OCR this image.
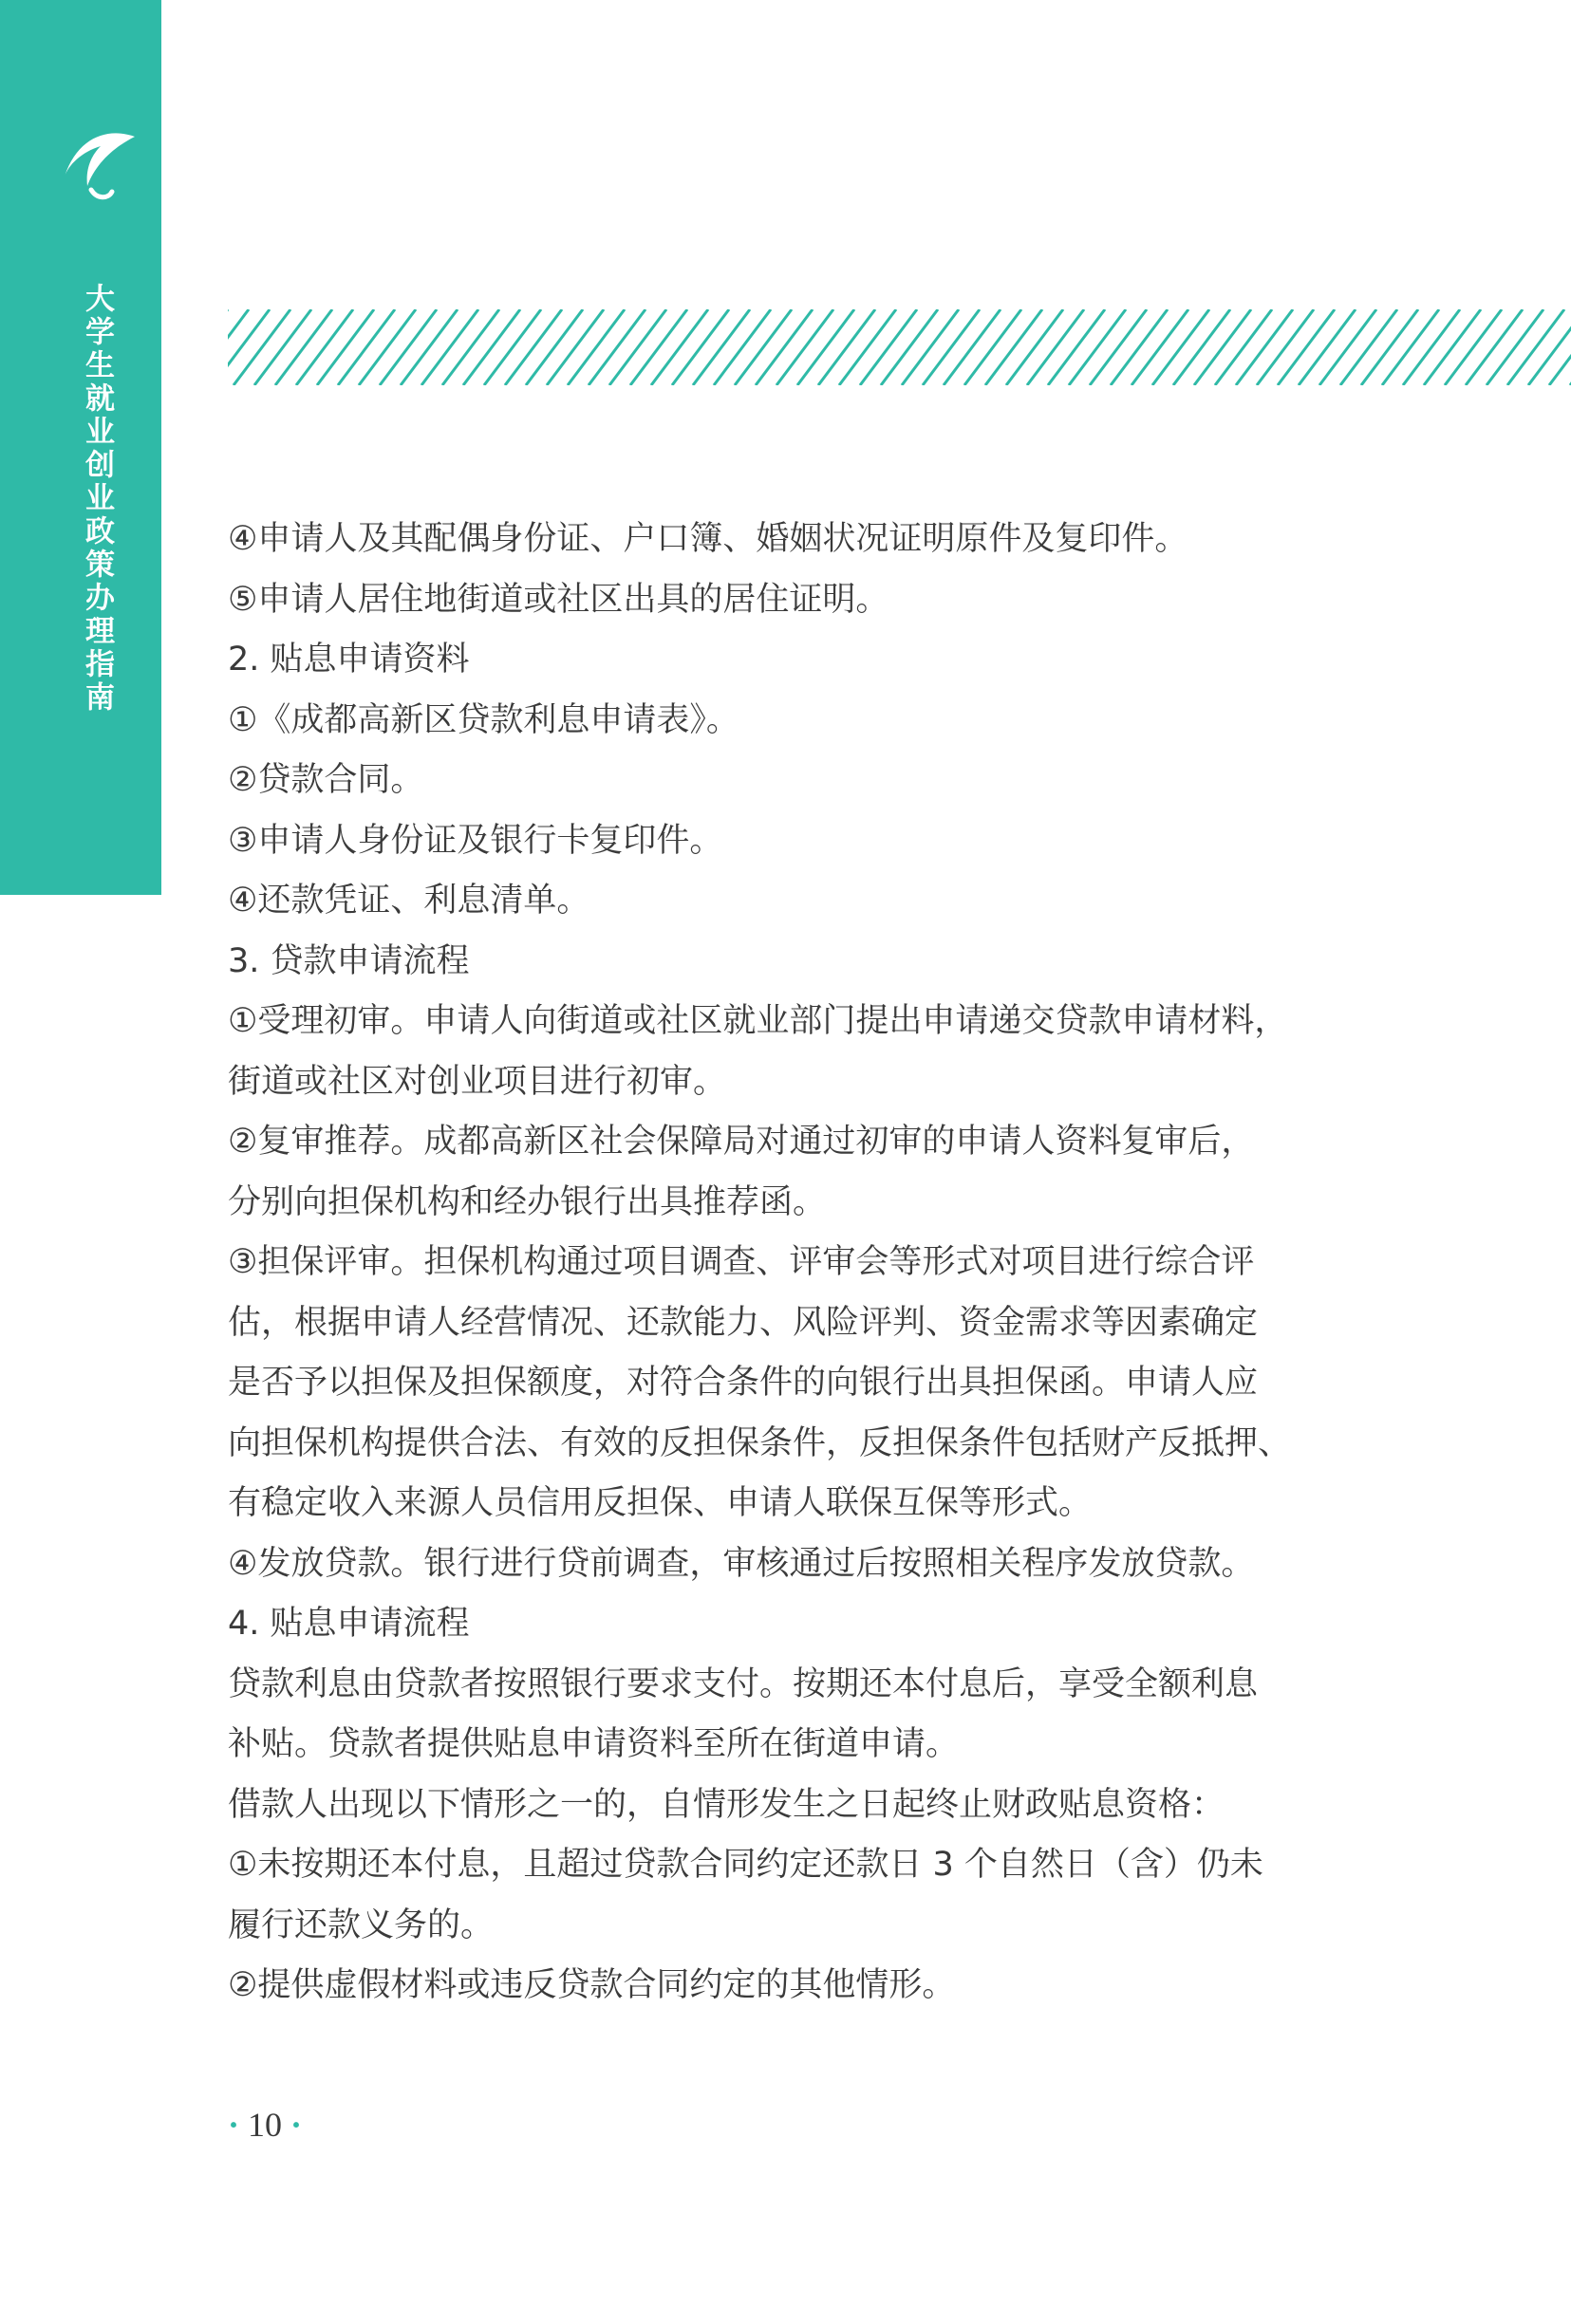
大学生就业创业政策办理指南	④申请人及其配偶身份证、户口簿、婚姻状况证明原件及复印件。

⑤申请人居住地街道或社区出具的居住证明。

2. 贴息申请资料

①《成都高新区贷款利息申请表》。

②贷款合同。

③申请人身份证及银行卡复印件。

④还款凭证、利息清单。

3. 贷款申请流程

①受理初审。申请人向街道或社区就业部门提出申请递交贷款申请材料，

街道或社区对创业项目进行初审。

②复审推荐。成都高新区社会保障局对通过初审的申请人资料复审后，

分别向担保机构和经办银行出具推荐函。

③担保评审。担保机构通过项目调查、评审会等形式对项目进行综合评

估，根据申请人经营情况、还款能力、风险评判、资金需求等因素确定

是否予以担保及担保额度，对符合条件的向银行出具担保函。申请人应

向担保机构提供合法、有效的反担保条件，反担保条件包括财产反抵押、

有稳定收入来源人员信用反担保、申请人联保互保等形式。

④发放贷款。银行进行贷前调查，审核通过后按照相关程序发放贷款。

4. 贴息申请流程

贷款利息由贷款者按照银行要求支付。按期还本付息后，享受全额利息

补贴。贷款者提供贴息申请资料至所在街道申请。

借款人出现以下情形之一的，自情形发生之日起终止财政贴息资格：

①未按期还本付息，且超过贷款合同约定还款日 3 个自然日（含）仍未

履行还款义务的。

②提供虚假材料或违反贷款合同约定的其他情形。

· 10 ·
